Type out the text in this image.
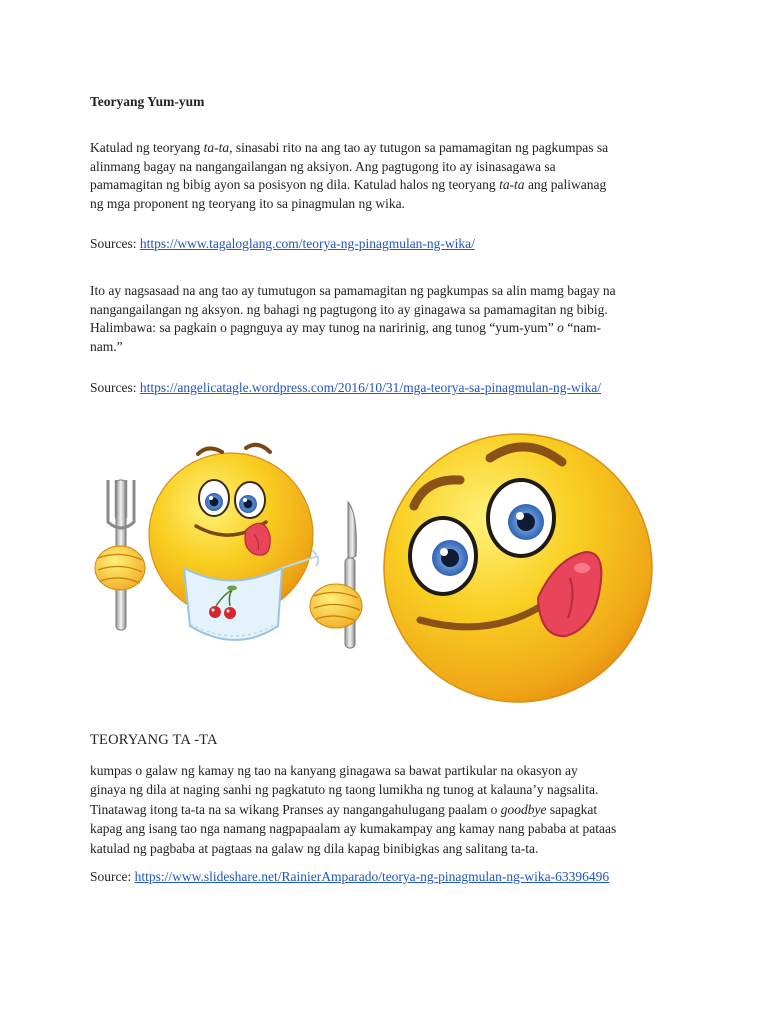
Teoryang Yum-yum

Katulad ng teoryang ta-ta, sinasabi rito na ang tao ay tutugon sa pamamagitan ng pagkumpas sa
alinmang bagay na nangangailangan ng aksiyon. Ang pagtugong ito ay isinasagawa sa
pamamagitan ng bibig ayon sa posisyon ng dila. Katulad halos ng teoryang ta-ta ang paliwanag
ng mga proponent ng teoryang ito sa pinagmulan ng wika.

Sources: https://www.tagaloglang.com/teorya-ng-pinagmulan-ng-wika/

Ito ay nagsasaad na ang tao ay tumutugon sa pamamagitan ng pagkumpas sa alin mamg bagay na
nangangailangan ng aksyon. ng bahagi ng pagtugong ito ay ginagawa sa pamamagitan ng bibig.
Halimbawa: sa pagkain o pagnguya ay may tunog na naririnig, ang tunog “yum-yum” o “nam-
nam.”

Sources: https://angelicatagle.wordpress.com/2016/10/31/mga-teorya-sa-pinagmulan-ng-wika/

TEORYANG TA -TA

kumpas o galaw ng kamay ng tao na kanyang ginagawa sa bawat partikular na okasyon ay
ginaya ng dila at naging sanhi ng pagkatuto ng taong lumikha ng tunog at kalauna’y nagsalita.
Tinatawag itong ta-ta na sa wikang Pranses ay nangangahulugang paalam o goodbye sapagkat
kapag ang isang tao nga namang nagpapaalam ay kumakampay ang kamay nang pababa at pataas
katulad ng pagbaba at pagtaas na galaw ng dila kapag binibigkas ang salitang ta-ta.

Source: https://www.slideshare.net/RainierAmparado/teorya-ng-pinagmulan-ng-wika-63396496
